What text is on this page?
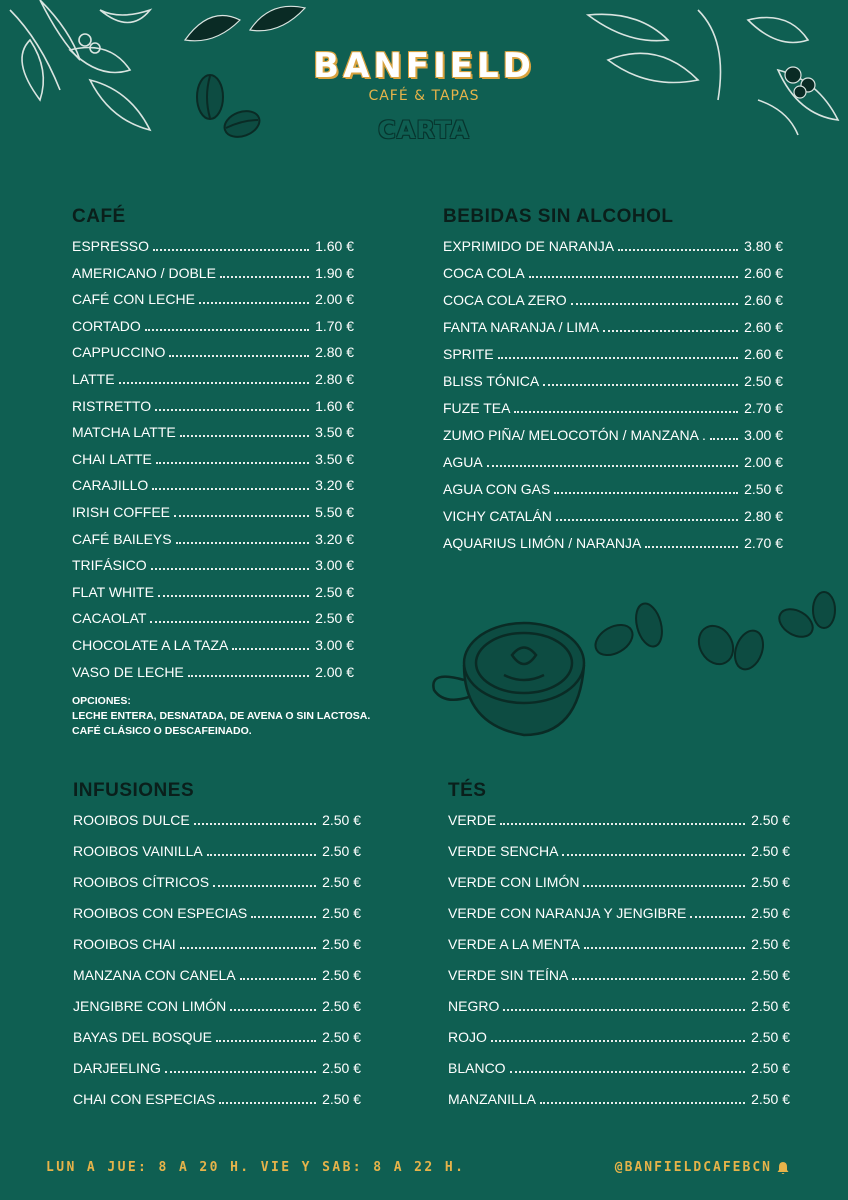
BANFIELD
CAFÉ & TAPAS
CARTA
CAFÉ
ESPRESSO	1.60 €
AMERICANO / DOBLE	1.90 €
CAFÉ CON LECHE	2.00 €
CORTADO	1.70 €
CAPPUCCINO	2.80 €
LATTE	2.80 €
RISTRETTO	1.60 €
MATCHA LATTE	3.50 €
CHAI LATTE	3.50 €
CARAJILLO	3.20 €
IRISH COFFEE	5.50 €
CAFÉ BAILEYS	3.20 €
TRIFÁSICO	3.00 €
FLAT WHITE	2.50 €
CACAOLAT	2.50 €
CHOCOLATE A LA TAZA	3.00 €
VASO DE LECHE	2.00 €
OPCIONES:
LECHE ENTERA, DESNATADA, DE AVENA O SIN LACTOSA.
CAFÉ CLÁSICO O DESCAFEINADO.
BEBIDAS SIN ALCOHOL
EXPRIMIDO DE NARANJA	3.80 €
COCA COLA	2.60 €
COCA COLA ZERO	2.60 €
FANTA NARANJA / LIMA	2.60 €
SPRITE	2.60 €
BLISS TÓNICA	2.50 €
FUZE TEA	2.70 €
ZUMO PIÑA/ MELOCOTÓN / MANZANA .	3.00 €
AGUA	2.00 €
AGUA CON GAS	2.50 €
VICHY CATALÁN	2.80 €
AQUARIUS LIMÓN / NARANJA	2.70 €
INFUSIONES
ROOIBOS DULCE	2.50 €
ROOIBOS VAINILLA	2.50 €
ROOIBOS CÍTRICOS	2.50 €
ROOIBOS CON ESPECIAS	2.50 €
ROOIBOS CHAI	2.50 €
MANZANA CON CANELA	2.50 €
JENGIBRE CON LIMÓN	2.50 €
BAYAS DEL BOSQUE	2.50 €
DARJEELING	2.50 €
CHAI CON ESPECIAS	2.50 €
TÉS
VERDE	2.50 €
VERDE SENCHA	2.50 €
VERDE CON LIMÓN	2.50 €
VERDE CON NARANJA Y JENGIBRE	2.50 €
VERDE A LA MENTA	2.50 €
VERDE SIN TEÍNA	2.50 €
NEGRO	2.50 €
ROJO	2.50 €
BLANCO	2.50 €
MANZANILLA	2.50 €
LUN A JUE: 8 A 20 H. VIE Y SAB: 8 A 22 H.	@BANFIELDCAFEBCN
